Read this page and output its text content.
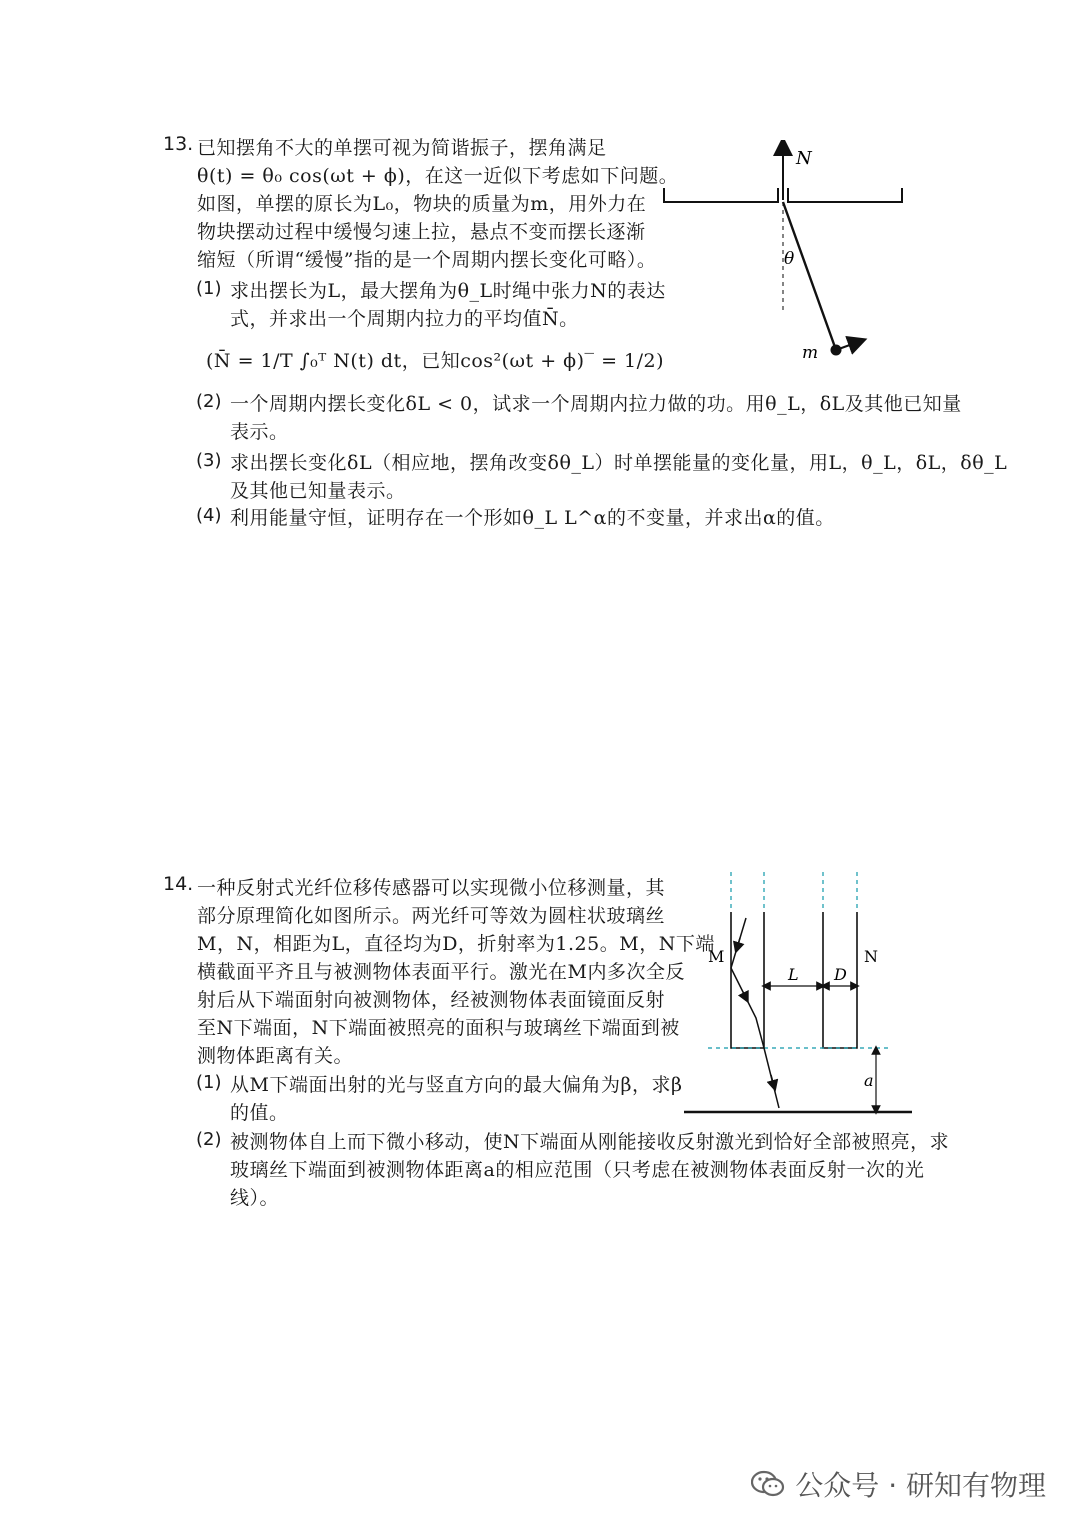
13. 已知摆角不大的单摆可视为简谐振子，摆角满足
θ(t) = θ₀ cos(ωt + ϕ)，在这一近似下考虑如下问题。
如图，单摆的原长为L₀，物块的质量为m，用外力在
物块摆动过程中缓慢匀速上拉，悬点不变而摆长逐渐
缩短（所谓“缓慢”指的是一个周期内摆长变化可略）。
(1) 求出摆长为L，最大摆角为θ_L时绳中张力N的表达
式，并求出一个周期内拉力的平均值N̄。
(N̄ = 1/T ∫₀ᵀ N(t) dt，已知cos²(ωt + ϕ)‾ = 1/2)
(2) 一个周期内摆长变化δL < 0，试求一个周期内拉力做的功。用θ_L，δL及其他已知量
表示。
(3) 求出摆长变化δL（相应地，摆角改变δθ_L）时单摆能量的变化量，用L，θ_L，δL，δθ_L
及其他已知量表示。
(4) 利用能量守恒，证明存在一个形如θ_L L^α的不变量，并求出α的值。
N
θ
m
14. 一种反射式光纤位移传感器可以实现微小位移测量，其
部分原理简化如图所示。两光纤可等效为圆柱状玻璃丝
M，N，相距为L，直径均为D，折射率为1.25。M，N下端
横截面平齐且与被测物体表面平行。激光在M内多次全反
射后从下端面射向被测物体，经被测物体表面镜面反射
至N下端面，N下端面被照亮的面积与玻璃丝下端面到被
测物体距离有关。
(1) 从M下端面出射的光与竖直方向的最大偏角为β，求β
的值。
(2) 被测物体自上而下微小移动，使N下端面从刚能接收反射激光到恰好全部被照亮，求
玻璃丝下端面到被测物体距离a的相应范围（只考虑在被测物体表面反射一次的光
线）。
M	N
L D
a
公众号 · 研知有物理
